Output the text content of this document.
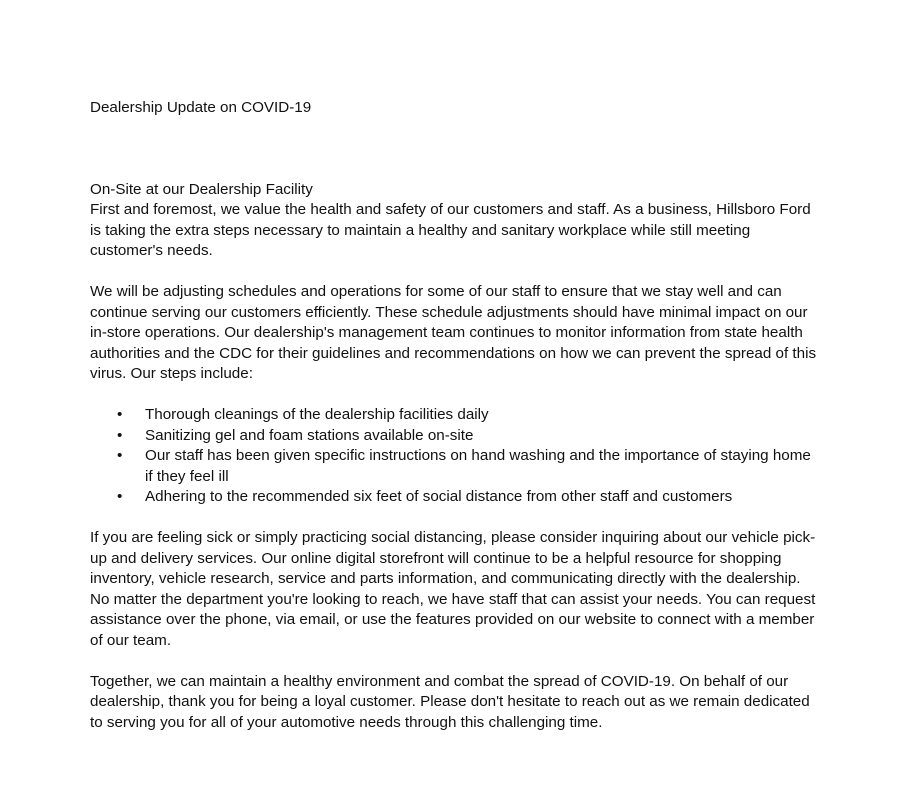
Dealership Update on COVID-19

On-Site at our Dealership Facility

First and foremost, we value the health and safety of our customers and staff. As a business, Hillsboro Ford is taking the extra steps necessary to maintain a healthy and sanitary workplace while still meeting customer's needs.

We will be adjusting schedules and operations for some of our staff to ensure that we stay well and can continue serving our customers efficiently. These schedule adjustments should have minimal impact on our in-store operations. Our dealership's management team continues to monitor information from state health authorities and the CDC for their guidelines and recommendations on how we can prevent the spread of this virus. Our steps include:

• Thorough cleanings of the dealership facilities daily
• Sanitizing gel and foam stations available on-site
• Our staff has been given specific instructions on hand washing and the importance of staying home if they feel ill
• Adhering to the recommended six feet of social distance from other staff and customers

If you are feeling sick or simply practicing social distancing, please consider inquiring about our vehicle pick-up and delivery services. Our online digital storefront will continue to be a helpful resource for shopping inventory, vehicle research, service and parts information, and communicating directly with the dealership. No matter the department you're looking to reach, we have staff that can assist your needs. You can request assistance over the phone, via email, or use the features provided on our website to connect with a member of our team.

Together, we can maintain a healthy environment and combat the spread of COVID-19. On behalf of our dealership, thank you for being a loyal customer. Please don't hesitate to reach out as we remain dedicated to serving you for all of your automotive needs through this challenging time.
